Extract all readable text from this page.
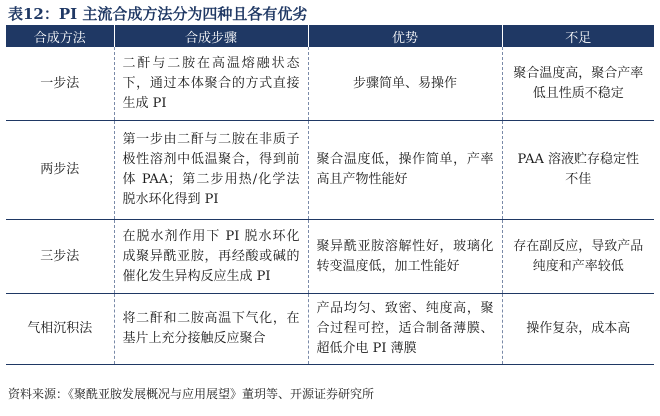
表12：PI 主流合成方法分为四种且各有优劣
合成方法	合成步骤	优势	不足
一步法	二酐与二胺在高温熔融状态下，通过本体聚合的方式直接生成 PI	步骤简单、易操作	聚合温度高，聚合产率低且性质不稳定
两步法	第一步由二酐与二胺在非质子极性溶剂中低温聚合，得到前体 PAA；第二步用热/化学法脱水环化得到 PI	聚合温度低，操作简单，产率高且产物性能好	PAA 溶液贮存稳定性不佳
三步法	在脱水剂作用下 PI 脱水环化成聚异酰亚胺，再经酸或碱的催化发生异构反应生成 PI	聚异酰亚胺溶解性好，玻璃化转变温度低，加工性能好	存在副反应，导致产品纯度和产率较低
气相沉积法	将二酐和二胺高温下气化，在基片上充分接触反应聚合	产品均匀、致密、纯度高，聚合过程可控，适合制备薄膜、超低介电 PI 薄膜	操作复杂，成本高
资料来源：《聚酰亚胺发展概况与应用展望》董玥等、开源证券研究所
